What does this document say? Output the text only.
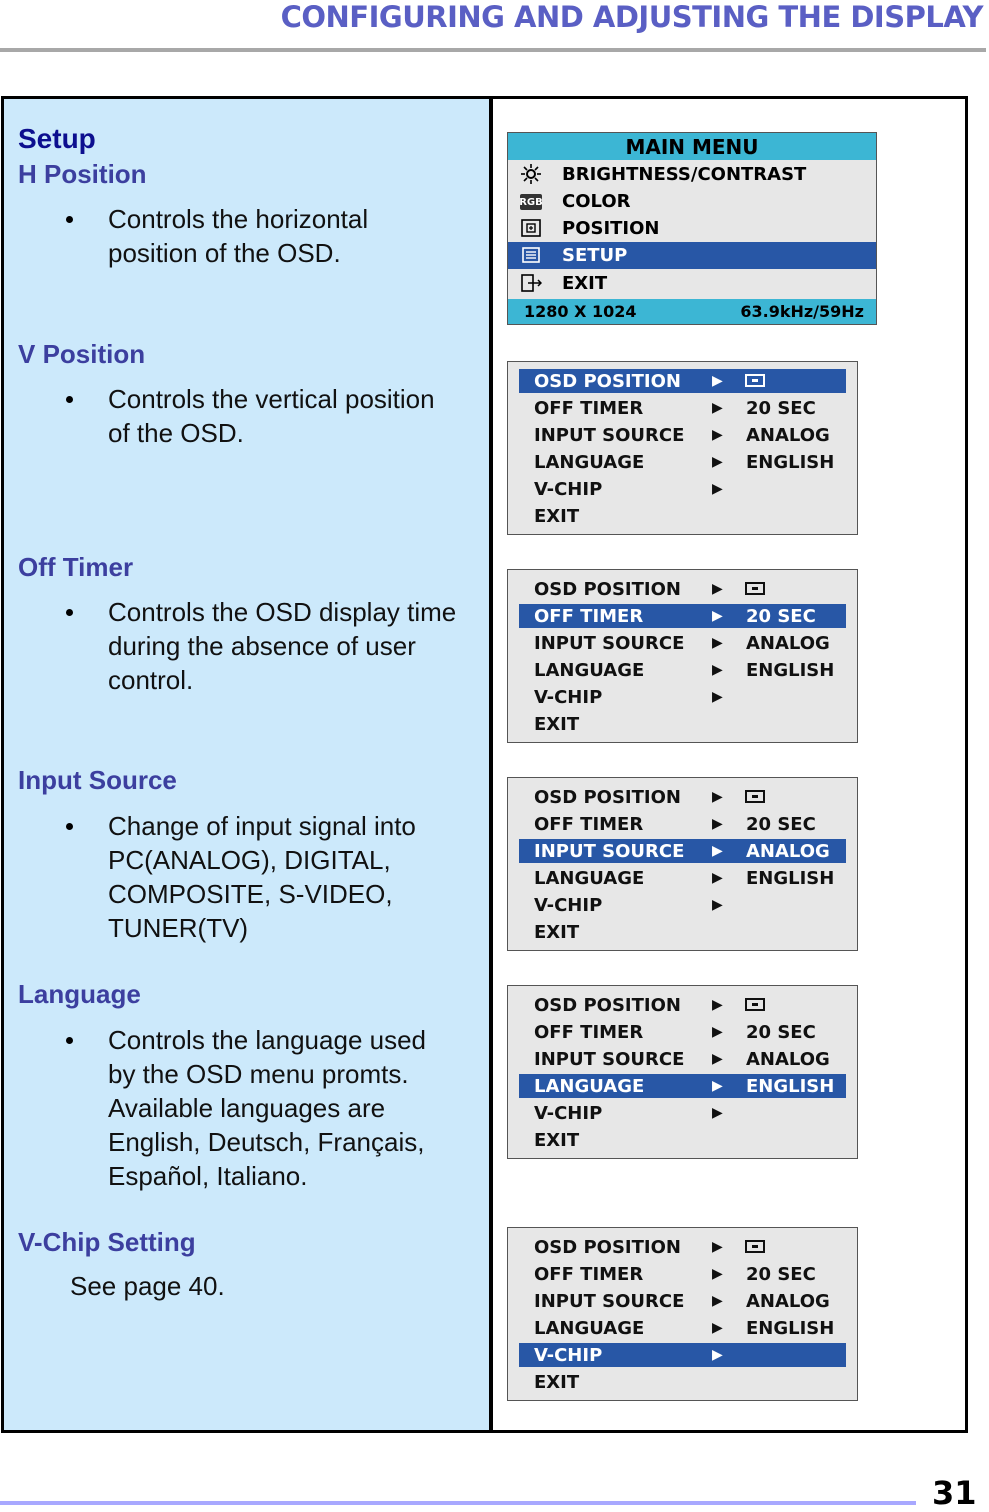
CONFIGURING AND ADJUSTING THE DISPLAY
Setup
H Position
Controls the horizontal position of the OSD.
V Position
Controls the vertical position of the OSD.
Off Timer
Controls the OSD display time during the absence of user control.
Input Source
Change of input signal into PC(ANALOG), DIGITAL, COMPOSITE, S-VIDEO, TUNER(TV)
Language
Controls the language used by the OSD menu promts. Available languages are English, Deutsch, Français, Español, Italiano.
V-Chip Setting
See page 40.
MAIN MENU
BRIGHTNESS/CONTRAST
RGB COLOR
POSITION
SETUP
EXIT
1280 X 1024	63.9kHz/59Hz
OSD POSITION ▶
OFF TIMER	▶ 20 SEC
INPUT SOURCE ▶ ANALOG
LANGUAGE	▶ ENGLISH
V-CHIP	▶
EXIT
OSD POSITION ▶
OFF TIMER	▶ 20 SEC
INPUT SOURCE ▶ ANALOG
LANGUAGE	▶ ENGLISH
V-CHIP	▶
EXIT
OSD POSITION ▶
OFF TIMER	▶ 20 SEC
INPUT SOURCE ▶ ANALOG
LANGUAGE	▶ ENGLISH
V-CHIP	▶
EXIT
OSD POSITION ▶
OFF TIMER	▶ 20 SEC
INPUT SOURCE ▶ ANALOG
LANGUAGE	▶ ENGLISH
V-CHIP	▶
EXIT
OSD POSITION ▶
OFF TIMER	▶ 20 SEC
INPUT SOURCE ▶ ANALOG
LANGUAGE	▶ ENGLISH
V-CHIP	▶
EXIT
31
